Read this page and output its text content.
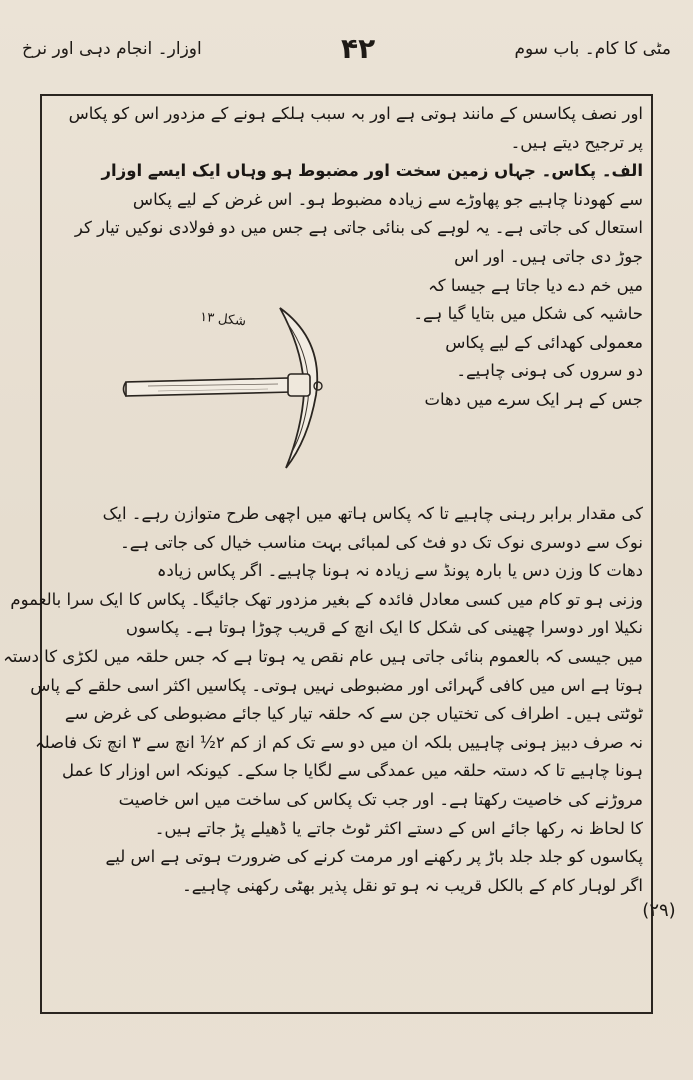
مٹی کا کام۔ باب سوم
۴۲
اوزار۔ انجام دہی اور نرخ
اور نصف پکاسس کے مانند ہوتی ہے اور بہ سبب ہلکے ہونے کے مزدور اس کو پکاس
پر ترجیح دیتے ہیں۔
الف۔ پکاس۔ جہاں زمین سخت اور مضبوط ہو وہاں ایک ایسے اوزار
سے کھودنا چاہیے جو پھاوڑے سے زیادہ مضبوط ہو۔ اس غرض کے لیے پکاس
استعال کی جاتی ہے۔ یہ لوہے کی بنائی جاتی ہے جس میں دو فولادی نوکیں تیار کر
جوڑ دی جاتی ہیں۔ اور اس
میں خم دے دیا جاتا ہے جیسا کہ
حاشیہ کی شکل میں بتایا گیا ہے۔
معمولی کھدائی کے لیے پکاس
دو سروں کی ہونی چاہیے۔
جس کے ہر ایک سرے میں دھات
شکل ۱۳
کی مقدار برابر رہنی چاہیے تا کہ پکاس ہاتھ میں اچھی طرح متوازن رہے۔ ایک
نوک سے دوسری نوک تک دو فٹ کی لمبائی بہت مناسب خیال کی جاتی ہے۔
دھات کا وزن دس یا بارہ پونڈ سے زیادہ نہ ہونا چاہیے۔ اگر پکاس زیادہ
وزنی ہو تو کام میں کسی معادل فائدہ کے بغیر مزدور تھک جائیگا۔ پکاس کا ایک سرا بالعموم
نکیلا اور دوسرا چھینی کی شکل کا ایک انچ کے قریب چوڑا ہوتا ہے۔ پکاسوں
میں جیسی کہ بالعموم بنائی جاتی ہیں عام نقص یہ ہوتا ہے کہ جس حلقہ میں لکڑی کا دستہ
ہوتا ہے اس میں کافی گہرائی اور مضبوطی نہیں ہوتی۔ پکاسیں اکثر اسی حلقے کے پاس
ٹوٹتی ہیں۔ اطراف کی تختیاں جن سے کہ حلقہ تیار کیا جائے مضبوطی کی غرض سے
نہ صرف دبیز ہونی چاہییں بلکہ ان میں دو سے تک کم از کم ۲½ انچ سے ۳ انچ تک فاصلہ
ہونا چاہیے تا کہ دستہ حلقہ میں عمدگی سے لگایا جا سکے۔ کیونکہ اس اوزار کا عمل
مروڑنے کی خاصیت رکھتا ہے۔ اور جب تک پکاس کی ساخت میں اس خاصیت
کا لحاظ نہ رکھا جائے اس کے دستے اکثر ٹوٹ جاتے یا ڈھیلے پڑ جاتے ہیں۔
پکاسوں کو جلد جلد باڑ پر رکھنے اور مرمت کرنے کی ضرورت ہوتی ہے اس لیے
اگر لوہار کام کے بالکل قریب نہ ہو تو نقل پذیر بھٹی رکھنی چاہیے۔
(۲۹)
